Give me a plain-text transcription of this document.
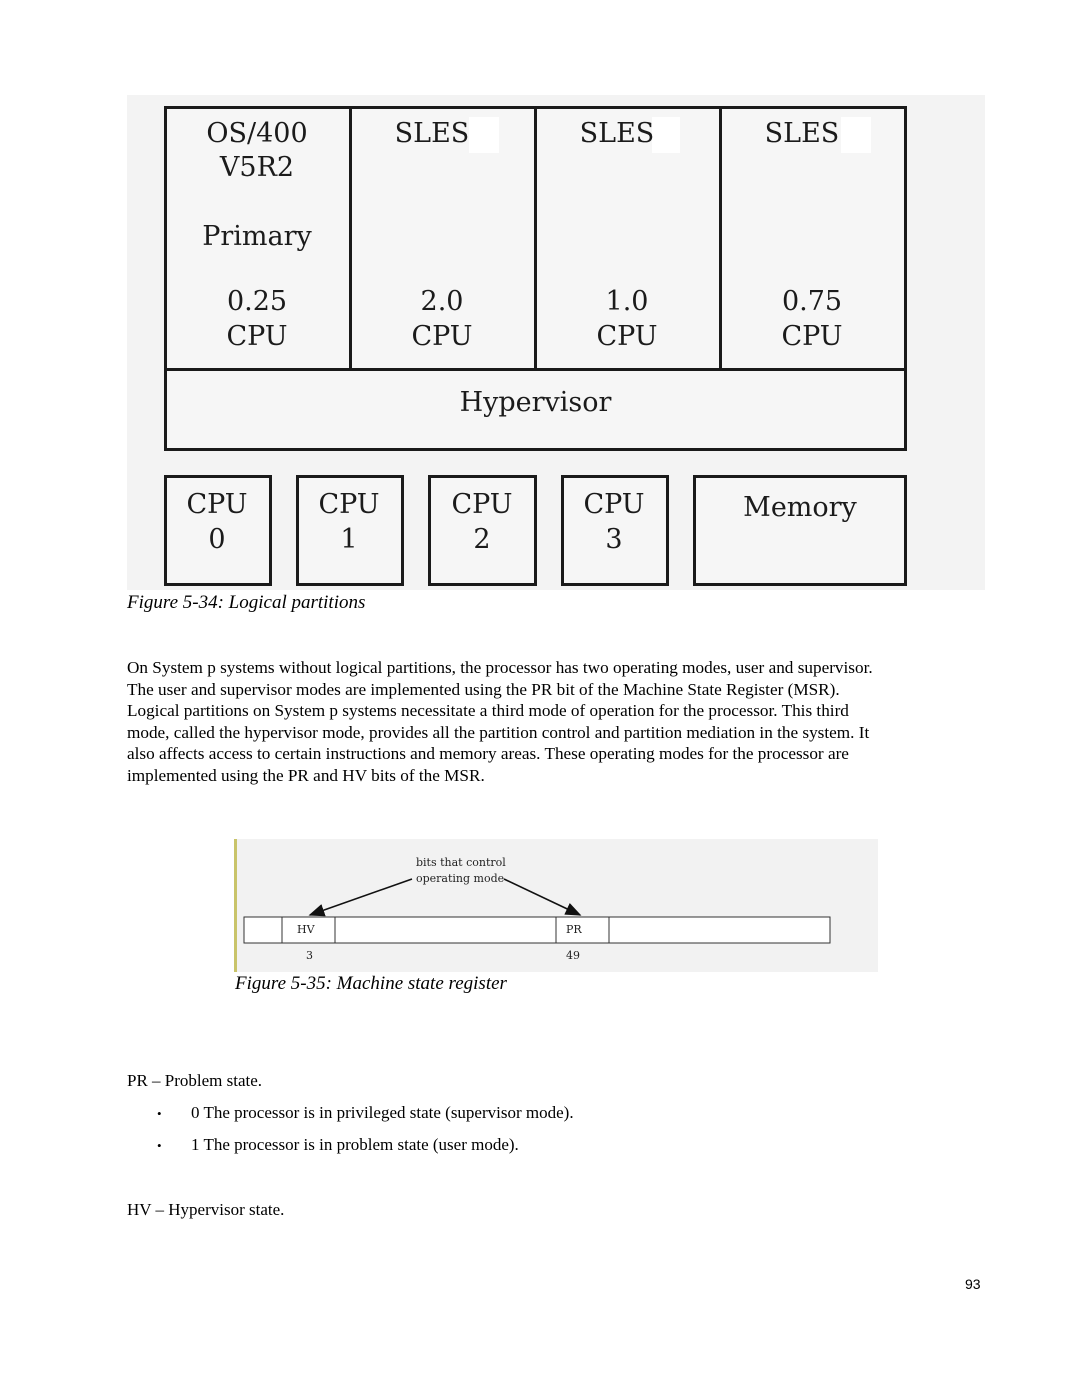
OS/400
V5R2
Primary
0.25
CPU
SLES
2.0
CPU
SLES
1.0
CPU
SLES
0.75
CPU
Hypervisor
CPU
0
CPU
1
CPU
2
CPU
3
Memory
Figure 5-34: Logical partitions
On System p systems without logical partitions, the processor has two operating modes, user and supervisor.
The user and supervisor modes are implemented using the PR bit of the Machine State Register (MSR).
Logical partitions on System p systems necessitate a third mode of operation for the processor. This third
mode, called the hypervisor mode, provides all the partition control and partition mediation in the system. It
also affects access to certain instructions and memory areas. These operating modes for the processor are
implemented using the PR and HV bits of the MSR.
bits that control
operating mode
HV	PR
3	49
Figure 5-35: Machine state register
PR – Problem state.
• 0 The processor is in privileged state (supervisor mode).
• 1 The processor is in problem state (user mode).
HV – Hypervisor state.
93
